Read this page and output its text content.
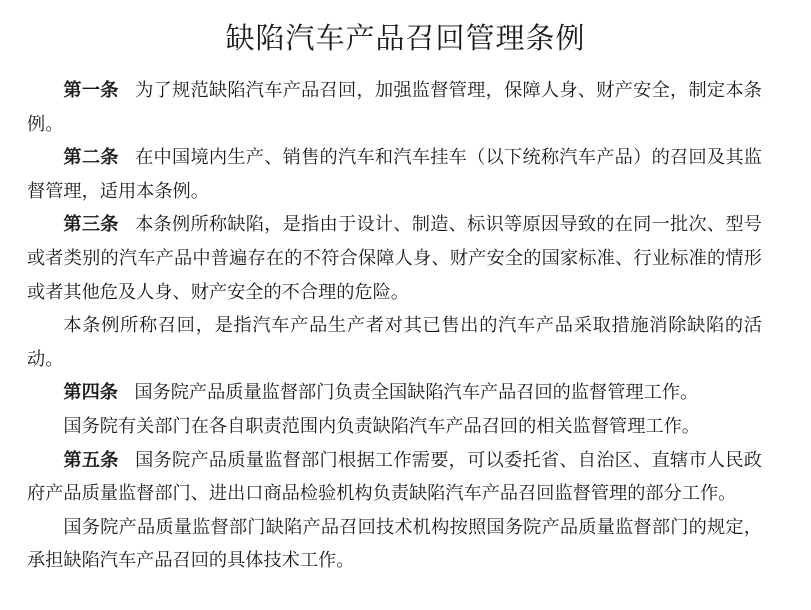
缺陷汽车产品召回管理条例

第一条 为了规范缺陷汽车产品召回，加强监督管理，保障人身、财产安全，制定本条例。

第二条 在中国境内生产、销售的汽车和汽车挂车（以下统称汽车产品）的召回及其监督管理，适用本条例。

第三条 本条例所称缺陷，是指由于设计、制造、标识等原因导致的在同一批次、型号或者类别的汽车产品中普遍存在的不符合保障人身、财产安全的国家标准、行业标准的情形或者其他危及人身、财产安全的不合理的危险。

本条例所称召回，是指汽车产品生产者对其已售出的汽车产品采取措施消除缺陷的活动。

第四条 国务院产品质量监督部门负责全国缺陷汽车产品召回的监督管理工作。

国务院有关部门在各自职责范围内负责缺陷汽车产品召回的相关监督管理工作。

第五条 国务院产品质量监督部门根据工作需要，可以委托省、自治区、直辖市人民政府产品质量监督部门、进出口商品检验机构负责缺陷汽车产品召回监督管理的部分工作。

国务院产品质量监督部门缺陷产品召回技术机构按照国务院产品质量监督部门的规定，承担缺陷汽车产品召回的具体技术工作。
